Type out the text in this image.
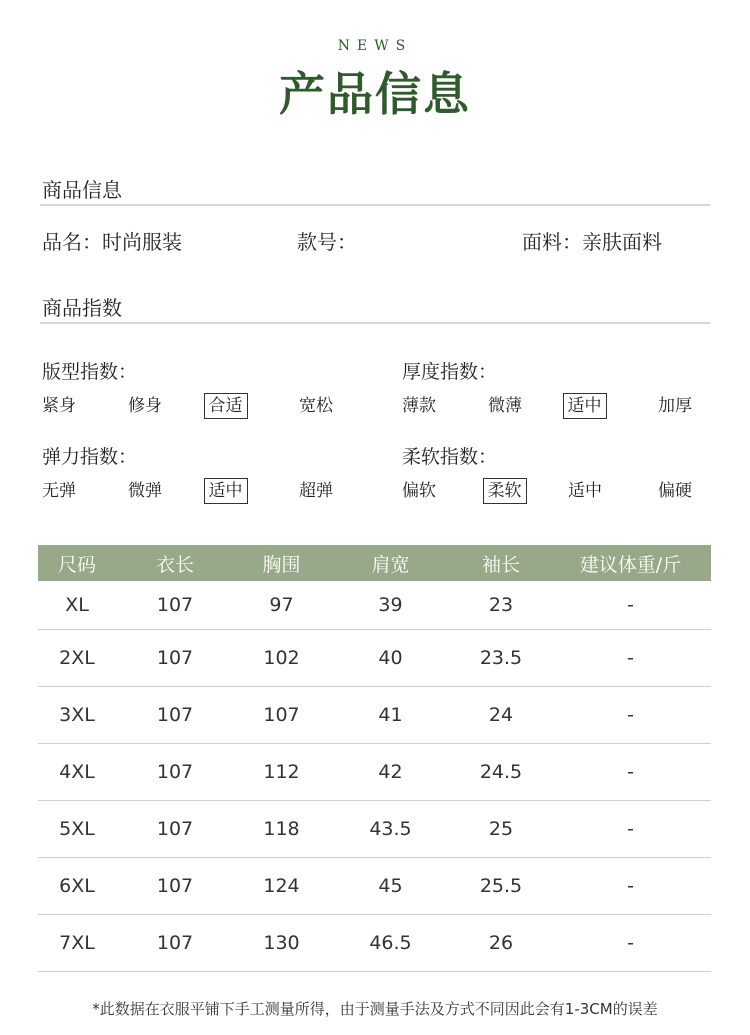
NEWS
产品信息
商品信息
品名：时尚服装	款号：	面料：亲肤面料
商品指数
版型指数：
紧身	修身	合适	宽松
厚度指数：
薄款	微薄	适中	加厚
弹力指数：
无弹	微弹	适中	超弹
柔软指数：
偏软	柔软	适中	偏硬
尺码	衣长	胸围	肩宽	袖长	建议体重/斤
XL	107	97	39	23	-
2XL	107	102	40	23.5	-
3XL	107	107	41	24	-
4XL	107	112	42	24.5	-
5XL	107	118	43.5	25	-
6XL	107	124	45	25.5	-
7XL	107	130	46.5	26	-
*此数据在衣服平铺下手工测量所得，由于测量手法及方式不同因此会有1-3CM的误差
